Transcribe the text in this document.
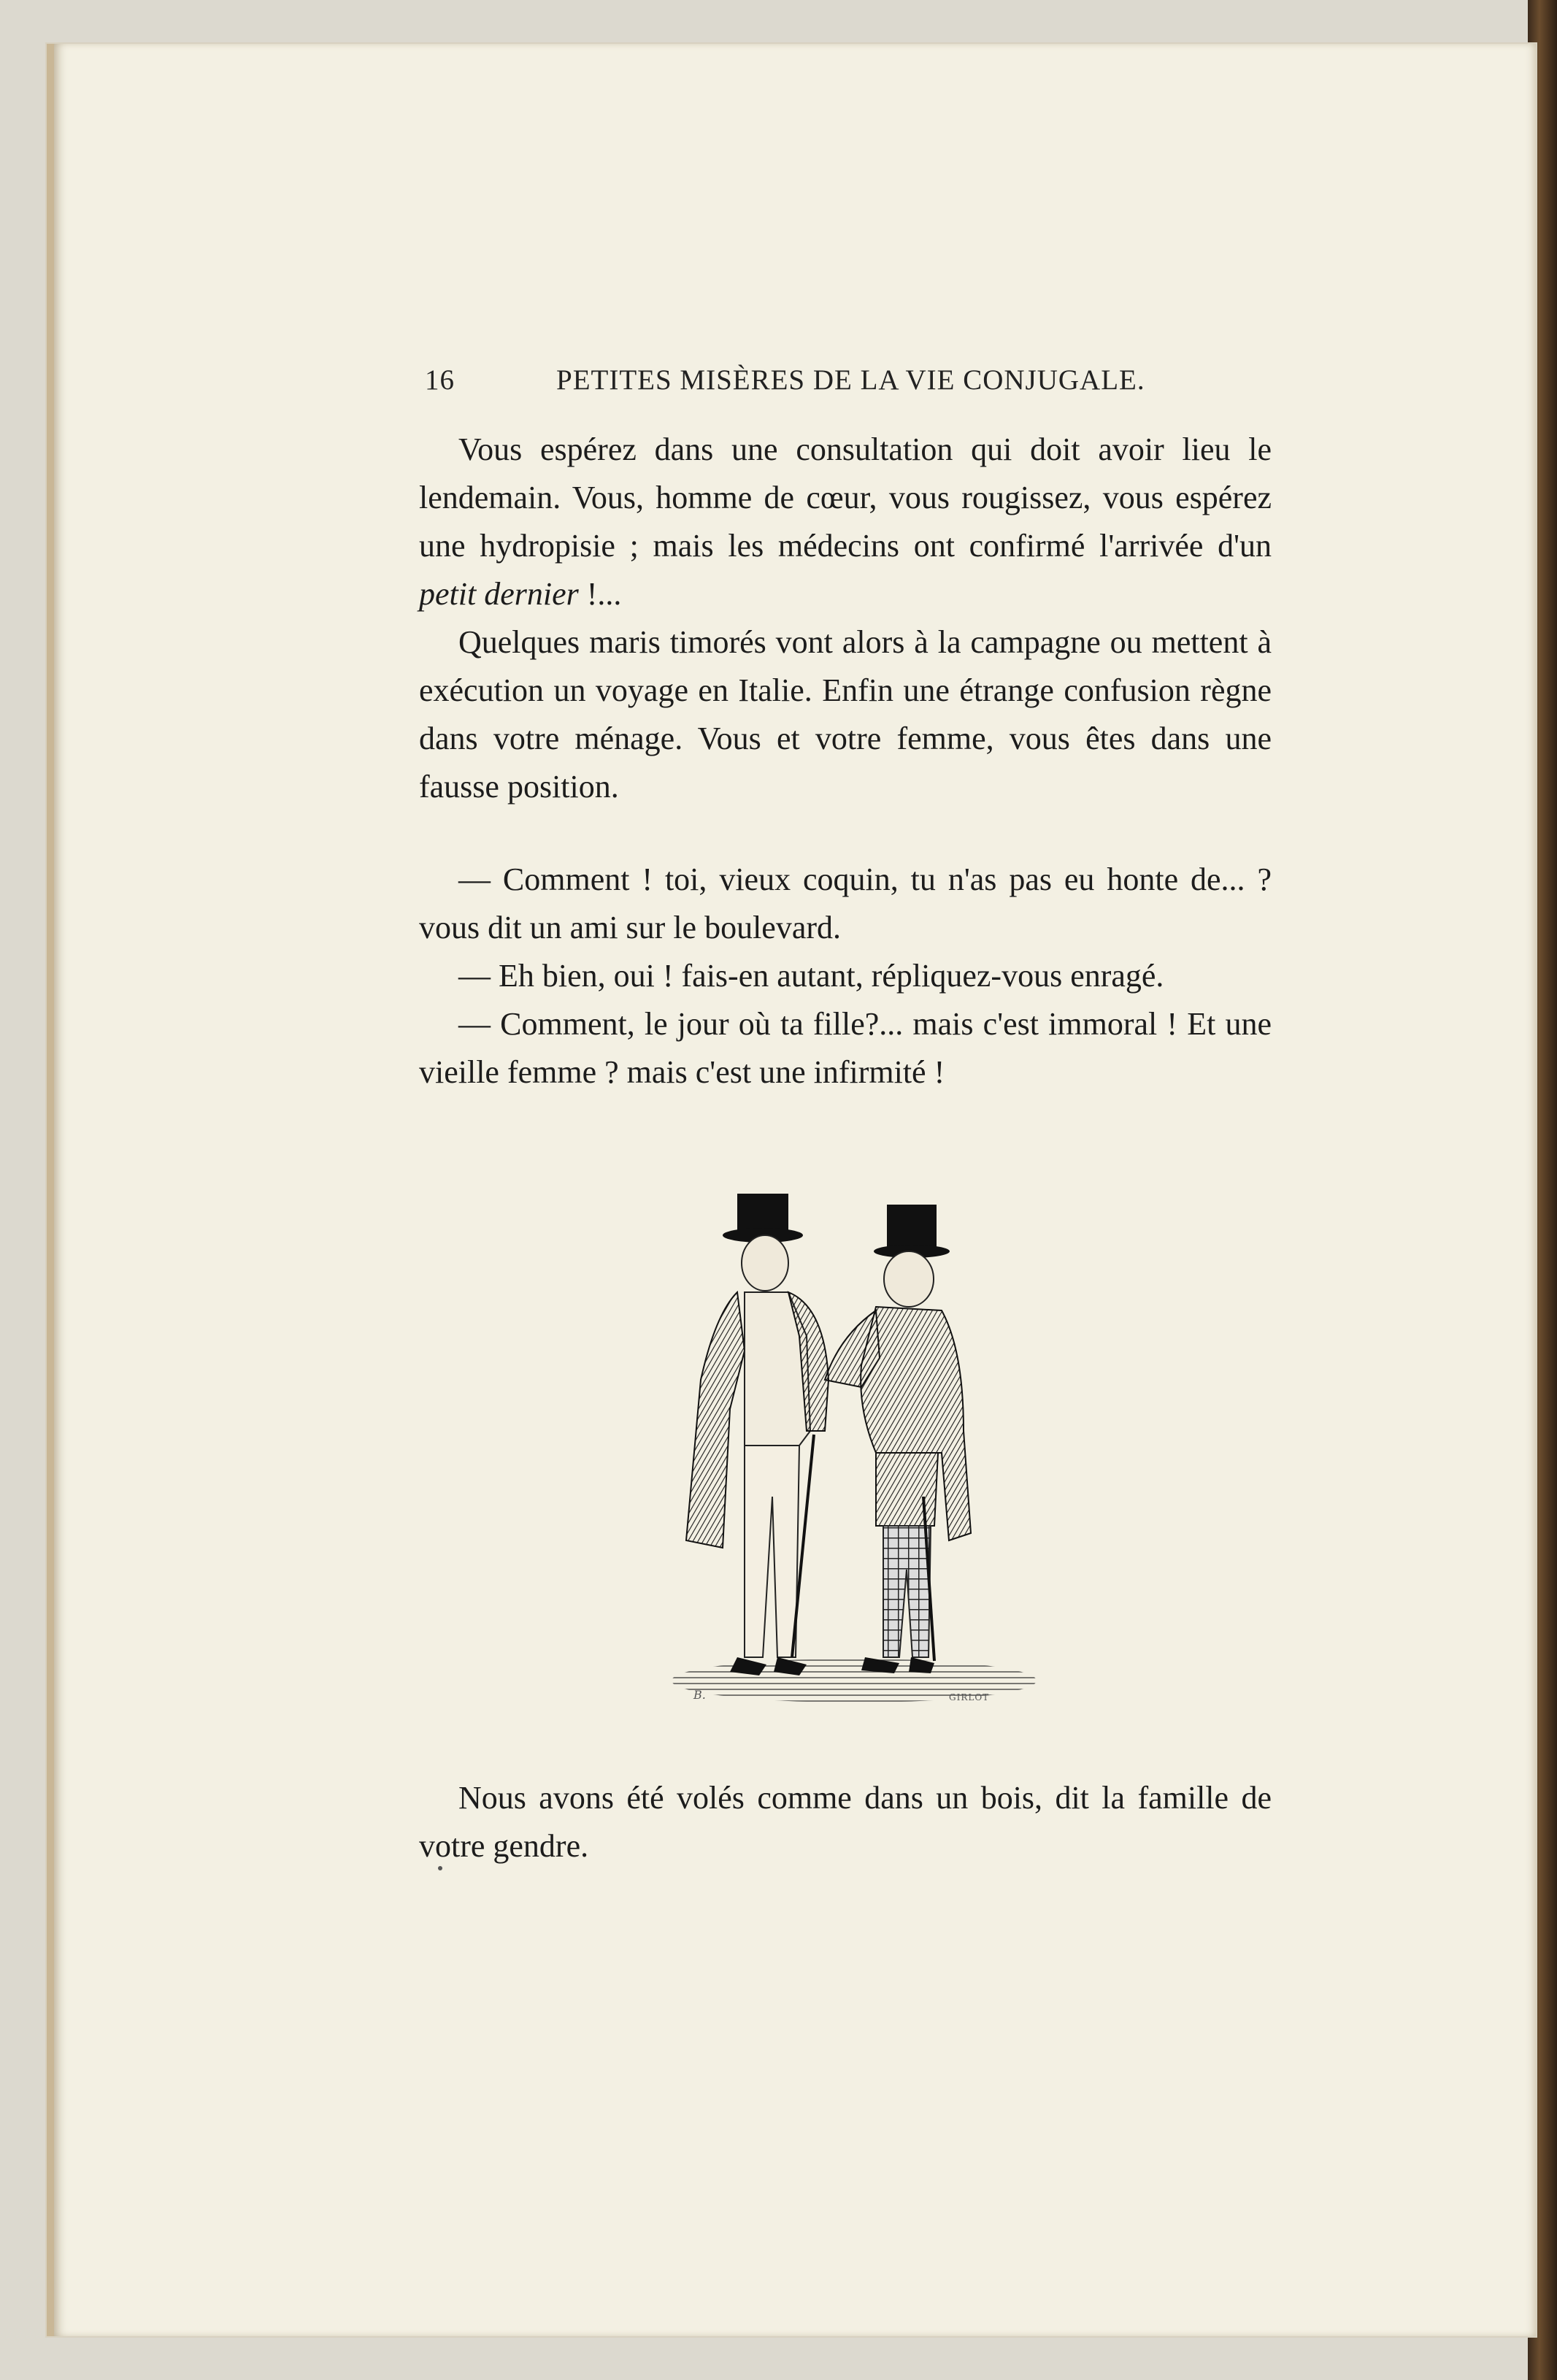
16	PETITES MISÈRES DE LA VIE CONJUGALE.

Vous espérez dans une consultation qui doit avoir lieu le lendemain. Vous, homme de cœur, vous rougissez, vous espérez une hydropisie ; mais les médecins ont confirmé l'arrivée d'un petit dernier !...

Quelques maris timorés vont alors à la campagne ou mettent à exécution un voyage en Italie. Enfin une étrange confusion règne dans votre ménage. Vous et votre femme, vous êtes dans une fausse position.

— Comment ! toi, vieux coquin, tu n'as pas eu honte de... ? vous dit un ami sur le boulevard.

— Eh bien, oui ! fais-en autant, répliquez-vous enragé.

— Comment, le jour où ta fille?... mais c'est immoral ! Et une vieille femme ? mais c'est une infirmité !

B.	GIRLOT

Nous avons été volés comme dans un bois, dit la famille de votre gendre.
